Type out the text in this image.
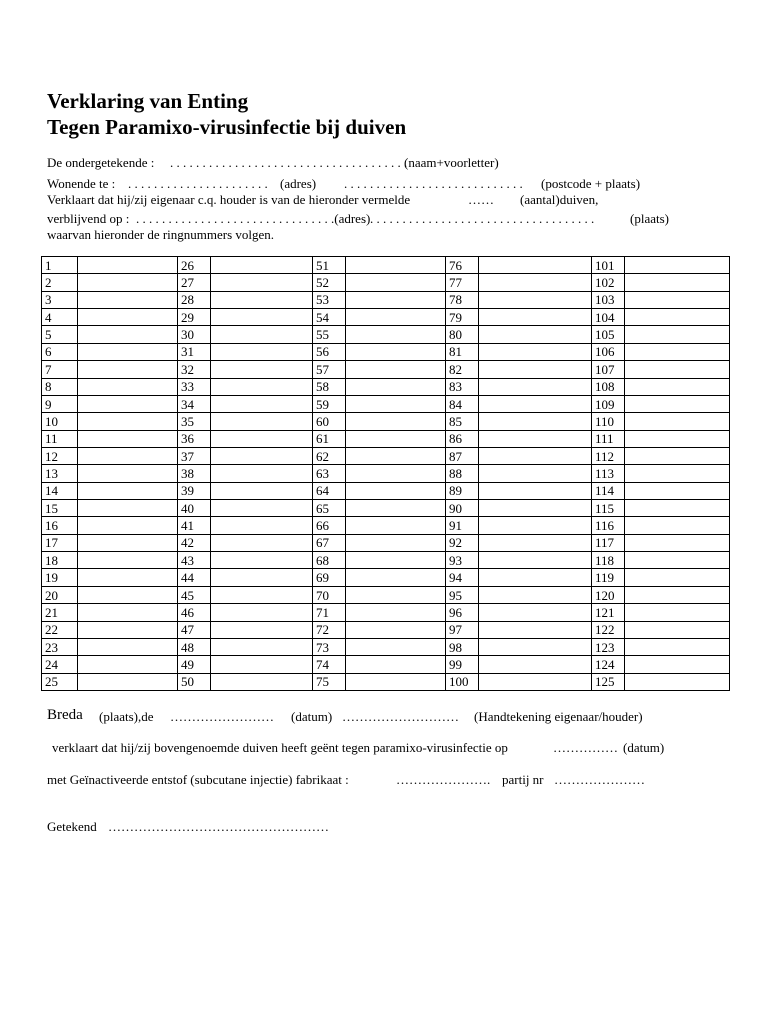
Verklaring van Enting
Tegen Paramixo-virusinfectie bij duiven
De ondergetekende : . . . . . . . . . . . . . . . . . . . . . . . . . . . . . . . . . . . . .
(naam+voorletter)
Wonende te : . . . . . . . . . . . . . . . . . . . . . . (adres) . . . . . . . . . . . . . . . . . . . . . . . . . . . . (postcode + plaats)
Verklaart dat hij/zij eigenaar c.q. houder is van de hieronder vermelde	…… (aantal)duiven,
verblijvend op : . . . . . . . . . . . . . . . . . . . . . . . . . . . . . . .(adres) . . . . . . . . . . . . . . . . . . . . . . . . . . . . . . . . . . .	(plaats)
waarvan hieronder de ringnummers volgen.
1		26		51		76		101	
2		27		52		77		102	
3		28		53		78		103	
4		29		54		79		104	
5		30		55		80		105	
6		31		56		81		106	
7		32		57		82		107	
8		33		58		83		108	
9		34		59		84		109	
10		35		60		85		110	
11		36		61		86		111	
12		37		62		87		112	
13		38		63		88		113	
14		39		64		89		114	
15		40		65		90		115	
16		41		66		91		116	
17		42		67		92		117	
18		43		68		93		118	
19		44		69		94		119	
20		45		70		95		120	
21		46		71		96		121	
22		47		72		97		122	
23		48		73		98		123	
24		49		74		99		124	
25		50		75		100		125	
Breda (plaats),de …………………… (datum) ……………………… (Handtekening eigenaar/houder)
verklaart dat hij/zij bovengenoemde duiven heeft geënt tegen paramixo-virusinfectie op	…………… (datum)
met Geïnactiveerde entstof (subcutane injectie) fabrikaat :	…………………. partij nr …………………
Getekend ……………………………………………
